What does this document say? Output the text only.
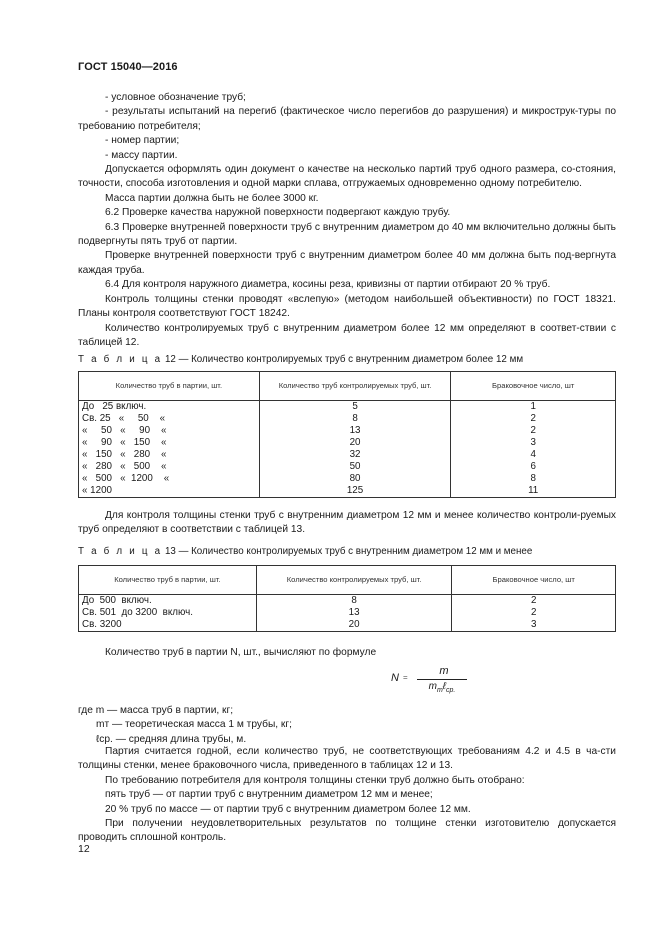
ГОСТ 15040—2016

- условное обозначение труб;

- результаты испытаний на перегиб (фактическое число перегибов до разрушения) и микрострук-туры по требованию потребителя;

- номер партии;

- массу партии.

Допускается оформлять один документ о качестве на несколько партий труб одного размера, со-стояния, точности, способа изготовления и одной марки сплава, отгружаемых одновременно одному потребителю.

Масса партии должна быть не более 3000 кг.

6.2 Проверке качества наружной поверхности подвергают каждую трубу.

6.3 Проверке внутренней поверхности труб с внутренним диаметром до 40 мм включительно должны быть подвергнуты пять труб от партии.

Проверке внутренней поверхности труб с внутренним диаметром более 40 мм должна быть под-вергнута каждая труба.

6.4 Для контроля наружного диаметра, косины реза, кривизны от партии отбирают 20 % труб.

Контроль толщины стенки проводят «вслепую» (методом наибольшей объективности) по ГОСТ 18321. Планы контроля соответствуют ГОСТ 18242.

Количество контролируемых труб с внутренним диаметром более 12 мм определяют в соответ-ствии с таблицей 12.

Т а б л и ц а 12 — Количество контролируемых труб с внутренним диаметром более 12 мм
Количество труб в партии, шт.	Количество труб контролируемых труб, шт.	Браковочное число, шт
До   25 включ.	5	1
Св. 25   «     50    «	8	2
«     50   «     90    «	13	2
«     90   «   150    «	20	3
«   150   «   280    «	32	4
«   280   «   500    «	50	6
«   500   «  1200    «	80	8
« 1200	125	11

Для контроля толщины стенки труб с внутренним диаметром 12 мм и менее количество контроли-руемых труб определяют в соответствии с таблицей 13.

Т а б л и ц а 13 — Количество контролируемых труб с внутренним диаметром 12 мм и менее
Количество труб в партии, шт.	Количество контролируемых труб, шт.	Браковочное число, шт
До  500  включ.	8	2
Св. 501  до 3200  включ.	13	2
Св. 3200	20	3

Количество труб в партии N, шт., вычисляют по формуле

N =
m
$m_т\ell_{ср.}$

где m — масса труб в партии, кг;

mт — теоретическая масса 1 м трубы, кг;

ℓср. — средняя длина трубы, м.

Партия считается годной, если количество труб, не соответствующих требованиям 4.2 и 4.5 в ча-сти толщины стенки, менее браковочного числа, приведенного в таблицах 12 и 13.

По требованию потребителя для контроля толщины стенки труб должно быть отобрано:

пять труб — от партии труб с внутренним диаметром 12 мм и менее;

20 % труб по массе — от партии труб с внутренним диаметром более 12 мм.

При получении неудовлетворительных результатов по толщине стенки изготовителю допускается проводить сплошной контроль.

12
